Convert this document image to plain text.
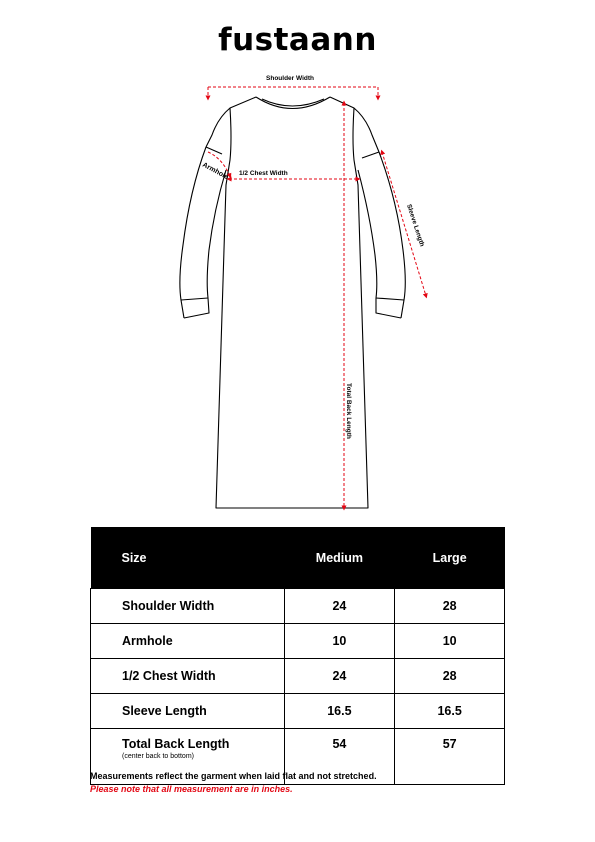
fustaann
Shoulder Width
1/2 Chest Width
Armhole
Sleeve Length
Total Back Length
Size	Medium	Large
Shoulder Width	24	28
Armhole	10	10
1/2 Chest Width	24	28
Sleeve Length	16.5	16.5
Total Back Length
(center back to bottom)	54	57
Measurements reflect the garment when laid flat and not stretched.
Please note that all measurement are in inches.
